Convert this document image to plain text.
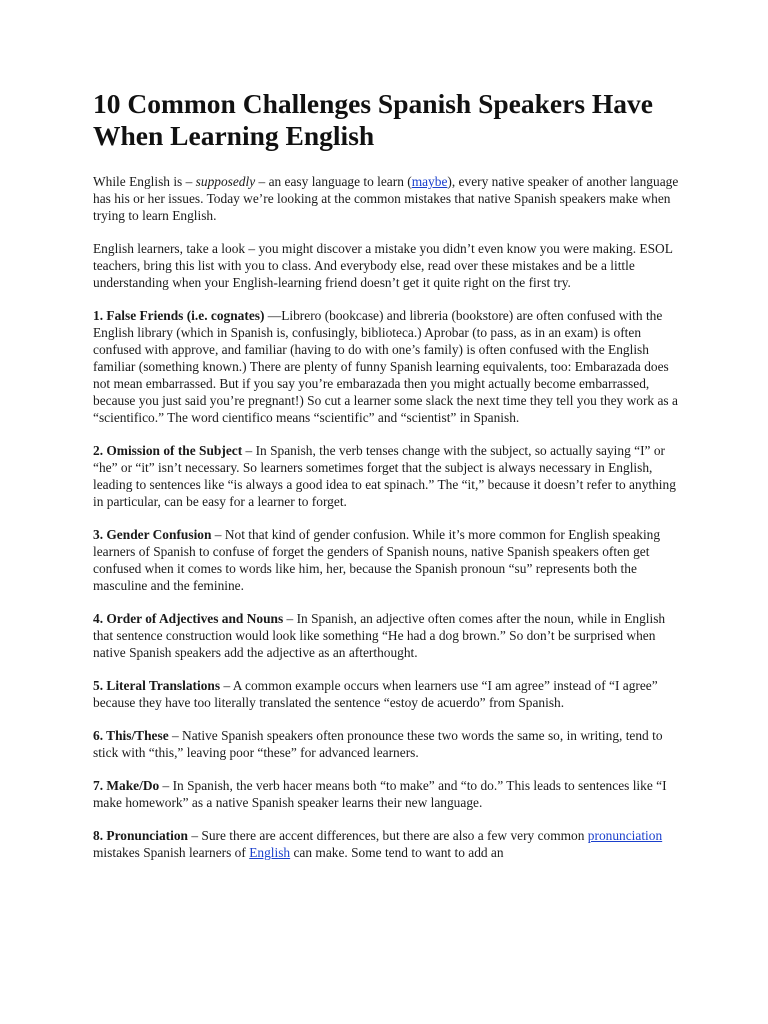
10 Common Challenges Spanish Speakers Have When Learning English

While English is – supposedly – an easy language to learn (maybe), every native speaker of another language has his or her issues. Today we’re looking at the common mistakes that native Spanish speakers make when trying to learn English.

English learners, take a look – you might discover a mistake you didn’t even know you were making. ESOL teachers, bring this list with you to class. And everybody else, read over these mistakes and be a little understanding when your English-learning friend doesn’t get it quite right on the first try.

1. False Friends (i.e. cognates) —Librero (bookcase) and libreria (bookstore) are often confused with the English library (which in Spanish is, confusingly, biblioteca.) Aprobar (to pass, as in an exam) is often confused with approve, and familiar (having to do with one’s family) is often confused with the English familiar (something known.) There are plenty of funny Spanish learning equivalents, too: Embarazada does not mean embarrassed. But if you say you’re embarazada then you might actually become embarrassed, because you just said you’re pregnant!) So cut a learner some slack the next time they tell you they work as a “scientifico.” The word cientifico means “scientific” and “scientist” in Spanish.

2. Omission of the Subject – In Spanish, the verb tenses change with the subject, so actually saying “I” or “he” or “it” isn’t necessary. So learners sometimes forget that the subject is always necessary in English, leading to sentences like “is always a good idea to eat spinach.” The “it,” because it doesn’t refer to anything in particular, can be easy for a learner to forget.

3. Gender Confusion – Not that kind of gender confusion. While it’s more common for English speaking learners of Spanish to confuse of forget the genders of Spanish nouns, native Spanish speakers often get confused when it comes to words like him, her, because the Spanish pronoun “su” represents both the masculine and the feminine.

4. Order of Adjectives and Nouns – In Spanish, an adjective often comes after the noun, while in English that sentence construction would look like something “He had a dog brown.” So don’t be surprised when native Spanish speakers add the adjective as an afterthought.

5. Literal Translations – A common example occurs when learners use “I am agree” instead of “I agree” because they have too literally translated the sentence “estoy de acuerdo” from Spanish.

6. This/These – Native Spanish speakers often pronounce these two words the same so, in writing, tend to stick with “this,” leaving poor “these” for advanced learners.

7. Make/Do – In Spanish, the verb hacer means both “to make” and “to do.” This leads to sentences like “I make homework” as a native Spanish speaker learns their new language.

8. Pronunciation – Sure there are accent differences, but there are also a few very common pronunciation mistakes Spanish learners of English can make. Some tend to want to add an
